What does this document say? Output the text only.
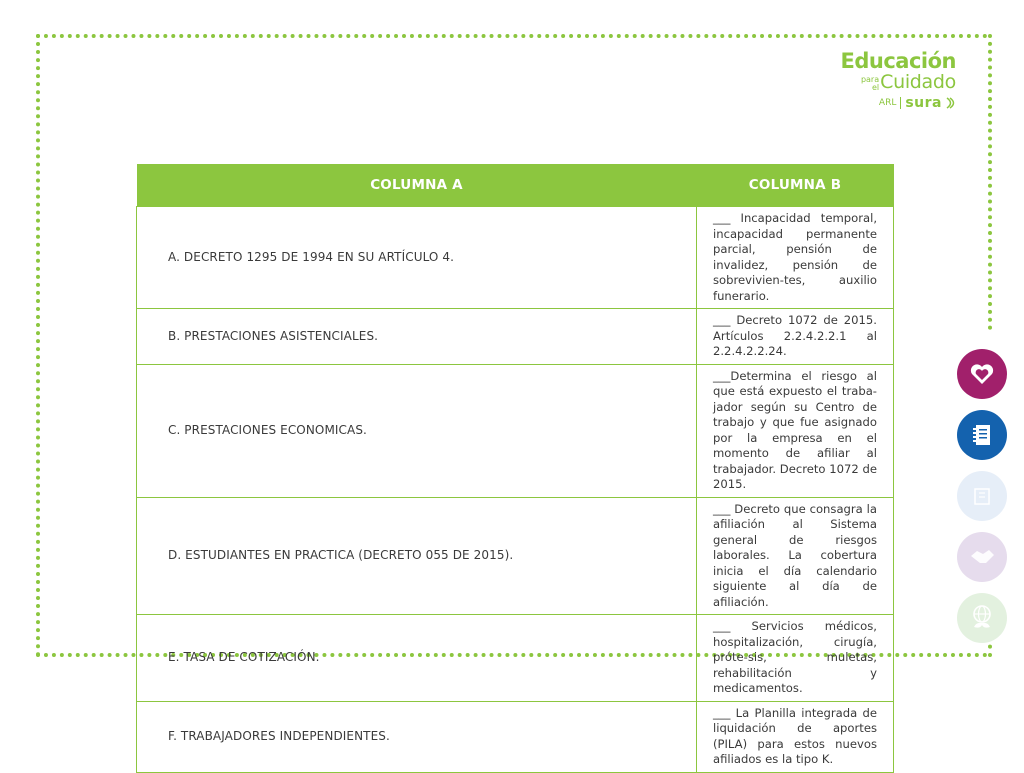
Educación
para
el Cuidado
ARL sura
COLUMNA A	COLUMNA B
A. DECRETO 1295 DE 1994 EN SU ARTÍCULO 4.	___ Incapacidad temporal, incapacidad permanente parcial, pensión de invalidez, pensión de sobrevivien-tes, auxilio funerario.
B. PRESTACIONES ASISTENCIALES.	___ Decreto 1072 de 2015. Artículos 2.2.4.2.2.1 al 2.2.4.2.2.24.
C. PRESTACIONES ECONOMICAS.	___Determina el riesgo al que está expuesto el traba-jador según su Centro de trabajo y que fue asignado por la empresa en el momento de afiliar al trabajador. Decreto 1072 de 2015.
D. ESTUDIANTES EN PRACTICA (DECRETO 055 DE 2015).	___ Decreto que consagra la afiliación al Sistema general de riesgos laborales. La cobertura inicia el día calendario siguiente al día de afiliación.
E. TASA DE COTIZACIÓN.	___ Servicios médicos, hospitalización, cirugía, próte-sis, muletas, rehabilitación y medicamentos.
F. TRABAJADORES INDEPENDIENTES.	___ La Planilla integrada de liquidación de aportes (PILA) para estos nuevos afiliados es la tipo K.
